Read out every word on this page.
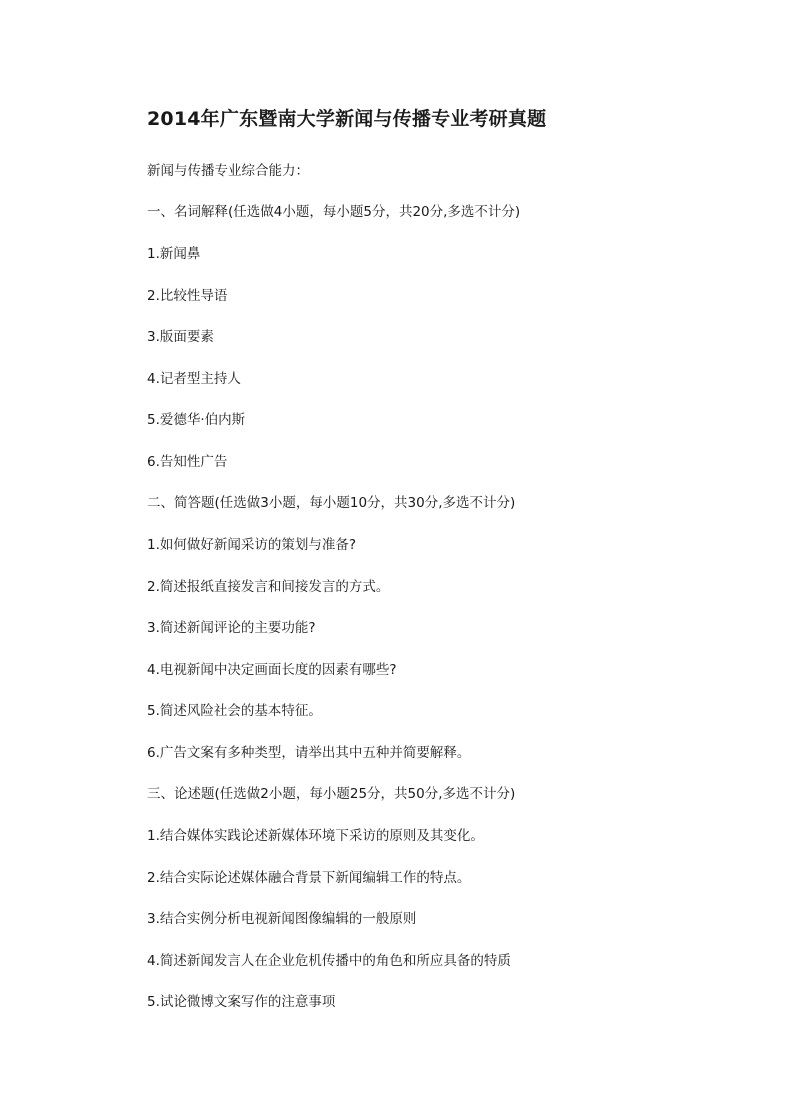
2014年广东暨南大学新闻与传播专业考研真题
新闻与传播专业综合能力：
一、名词解释(任选做4小题，每小题5分，共20分,多选不计分)
1.新闻鼻
2.比较性导语
3.版面要素
4.记者型主持人
5.爱德华·伯内斯
6.告知性广告
二、简答题(任选做3小题，每小题10分，共30分,多选不计分)
1.如何做好新闻采访的策划与准备?
2.简述报纸直接发言和间接发言的方式。
3.简述新闻评论的主要功能?
4.电视新闻中决定画面长度的因素有哪些?
5.简述风险社会的基本特征。
6.广告文案有多种类型，请举出其中五种并简要解释。
三、论述题(任选做2小题，每小题25分，共50分,多选不计分)
1.结合媒体实践论述新媒体环境下采访的原则及其变化。
2.结合实际论述媒体融合背景下新闻编辑工作的特点。
3.结合实例分析电视新闻图像编辑的一般原则
4.简述新闻发言人在企业危机传播中的角色和所应具备的特质
5.试论微博文案写作的注意事项
